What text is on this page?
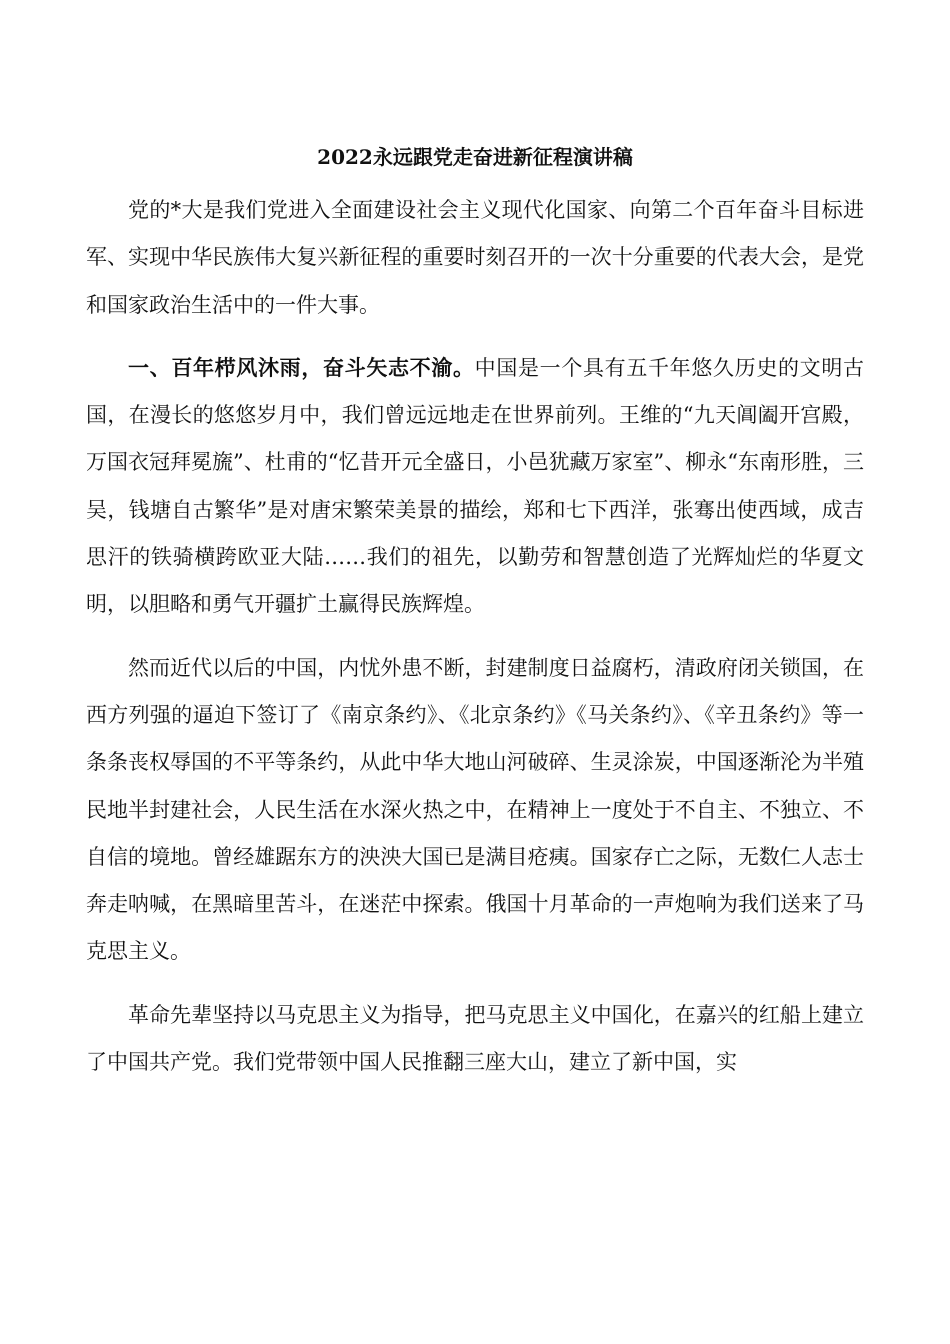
2022永远跟党走奋进新征程演讲稿

党的*大是我们党进入全面建设社会主义现代化国家、向第二个百年奋斗目标进军、实现中华民族伟大复兴新征程的重要时刻召开的一次十分重要的代表大会，是党和国家政治生活中的一件大事。

一、百年栉风沐雨，奋斗矢志不渝。中国是一个具有五千年悠久历史的文明古国，在漫长的悠悠岁月中，我们曾远远地走在世界前列。王维的“九天阊阖开宫殿，万国衣冠拜冕旒”、杜甫的“忆昔开元全盛日，小邑犹藏万家室”、柳永“东南形胜，三吴，钱塘自古繁华”是对唐宋繁荣美景的描绘，郑和七下西洋，张骞出使西域，成吉思汗的铁骑横跨欧亚大陆……我们的祖先，以勤劳和智慧创造了光辉灿烂的华夏文明，以胆略和勇气开疆扩土赢得民族辉煌。

然而近代以后的中国，内忧外患不断，封建制度日益腐朽，清政府闭关锁国，在西方列强的逼迫下签订了《南京条约》、《北京条约》《马关条约》、《辛丑条约》等一条条丧权辱国的不平等条约，从此中华大地山河破碎、生灵涂炭，中国逐渐沦为半殖民地半封建社会，人民生活在水深火热之中，在精神上一度处于不自主、不独立、不自信的境地。曾经雄踞东方的泱泱大国已是满目疮痍。国家存亡之际，无数仁人志士奔走呐喊，在黑暗里苦斗，在迷茫中探索。俄国十月革命的一声炮响为我们送来了马克思主义。

革命先辈坚持以马克思主义为指导，把马克思主义中国化，在嘉兴的红船上建立了中国共产党。我们党带领中国人民推翻三座大山，建立了新中国，实
